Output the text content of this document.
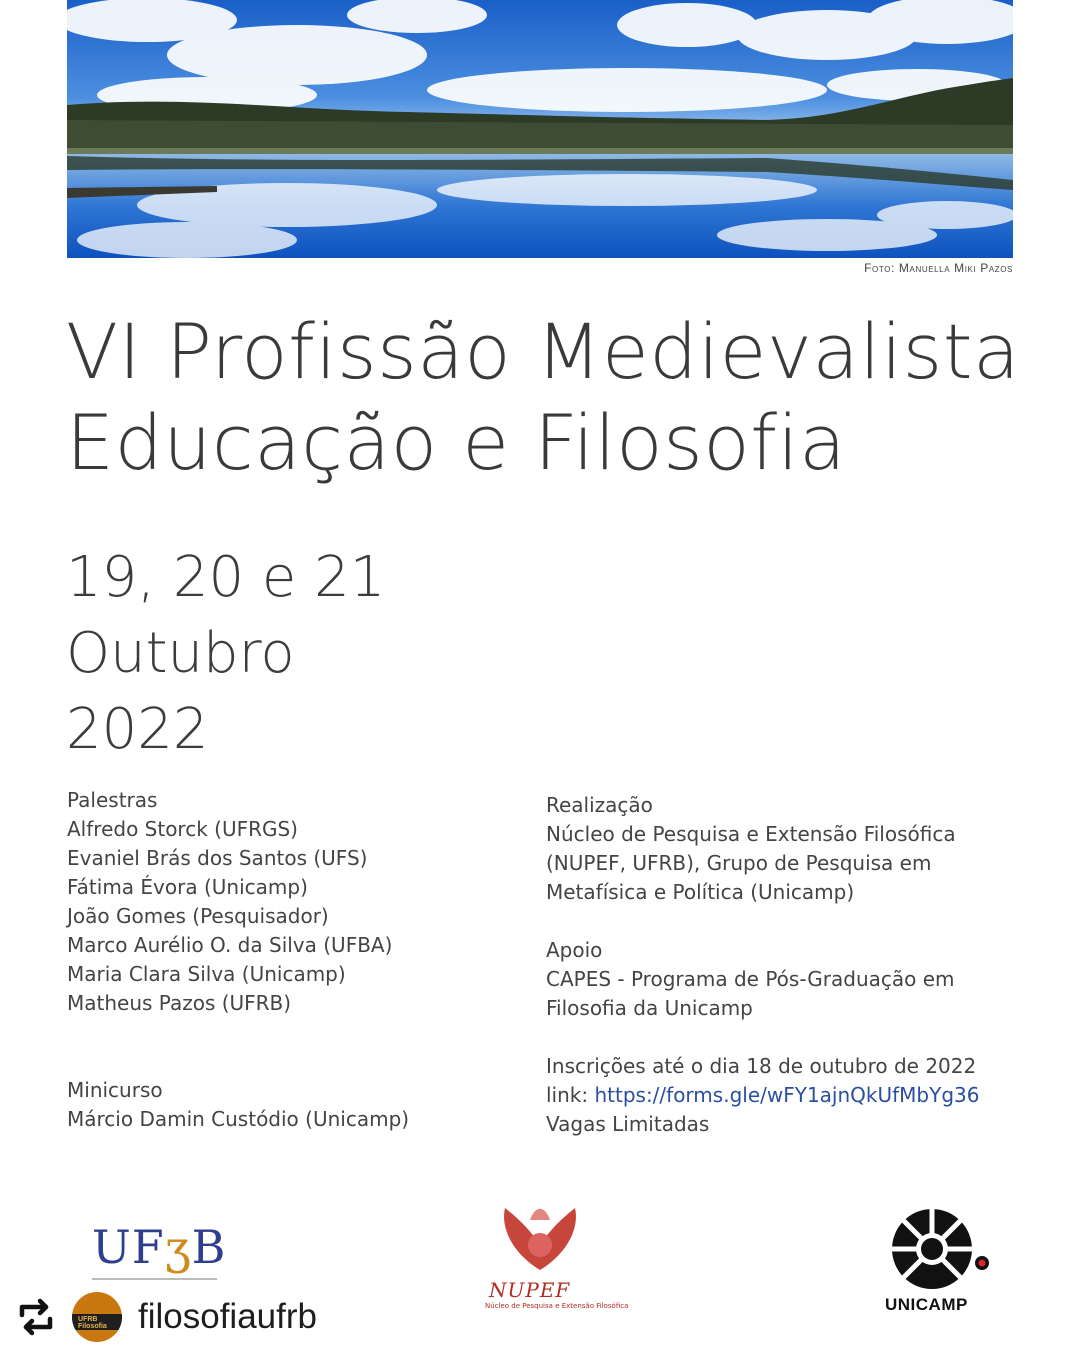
Foto: Manuella Miki Pazos
VI Profissão Medievalista
Educação e Filosofia
19, 20 e 21
Outubro
2022
Palestras
Alfredo Storck (UFRGS)
Evaniel Brás dos Santos (UFS)
Fátima Évora (Unicamp)
João Gomes (Pesquisador)
Marco Aurélio O. da Silva (UFBA)
Maria Clara Silva (Unicamp)
Matheus Pazos (UFRB)
Minicurso
Márcio Damin Custódio (Unicamp)
Realização
Núcleo de Pesquisa e Extensão Filosófica
(NUPEF, UFRB), Grupo de Pesquisa em
Metafísica e Política (Unicamp)
Apoio
CAPES - Programa de Pós-Graduação em
Filosofia da Unicamp
Inscrições até o dia 18 de outubro de 2022
link: https://forms.gle/wFY1ajnQkUfMbYg36
Vagas Limitadas
UFʒB
NUPEF
Núcleo de Pesquisa e Extensão Filosófica	UNICAMP
UFRB Filosofia filosofiaufrb
